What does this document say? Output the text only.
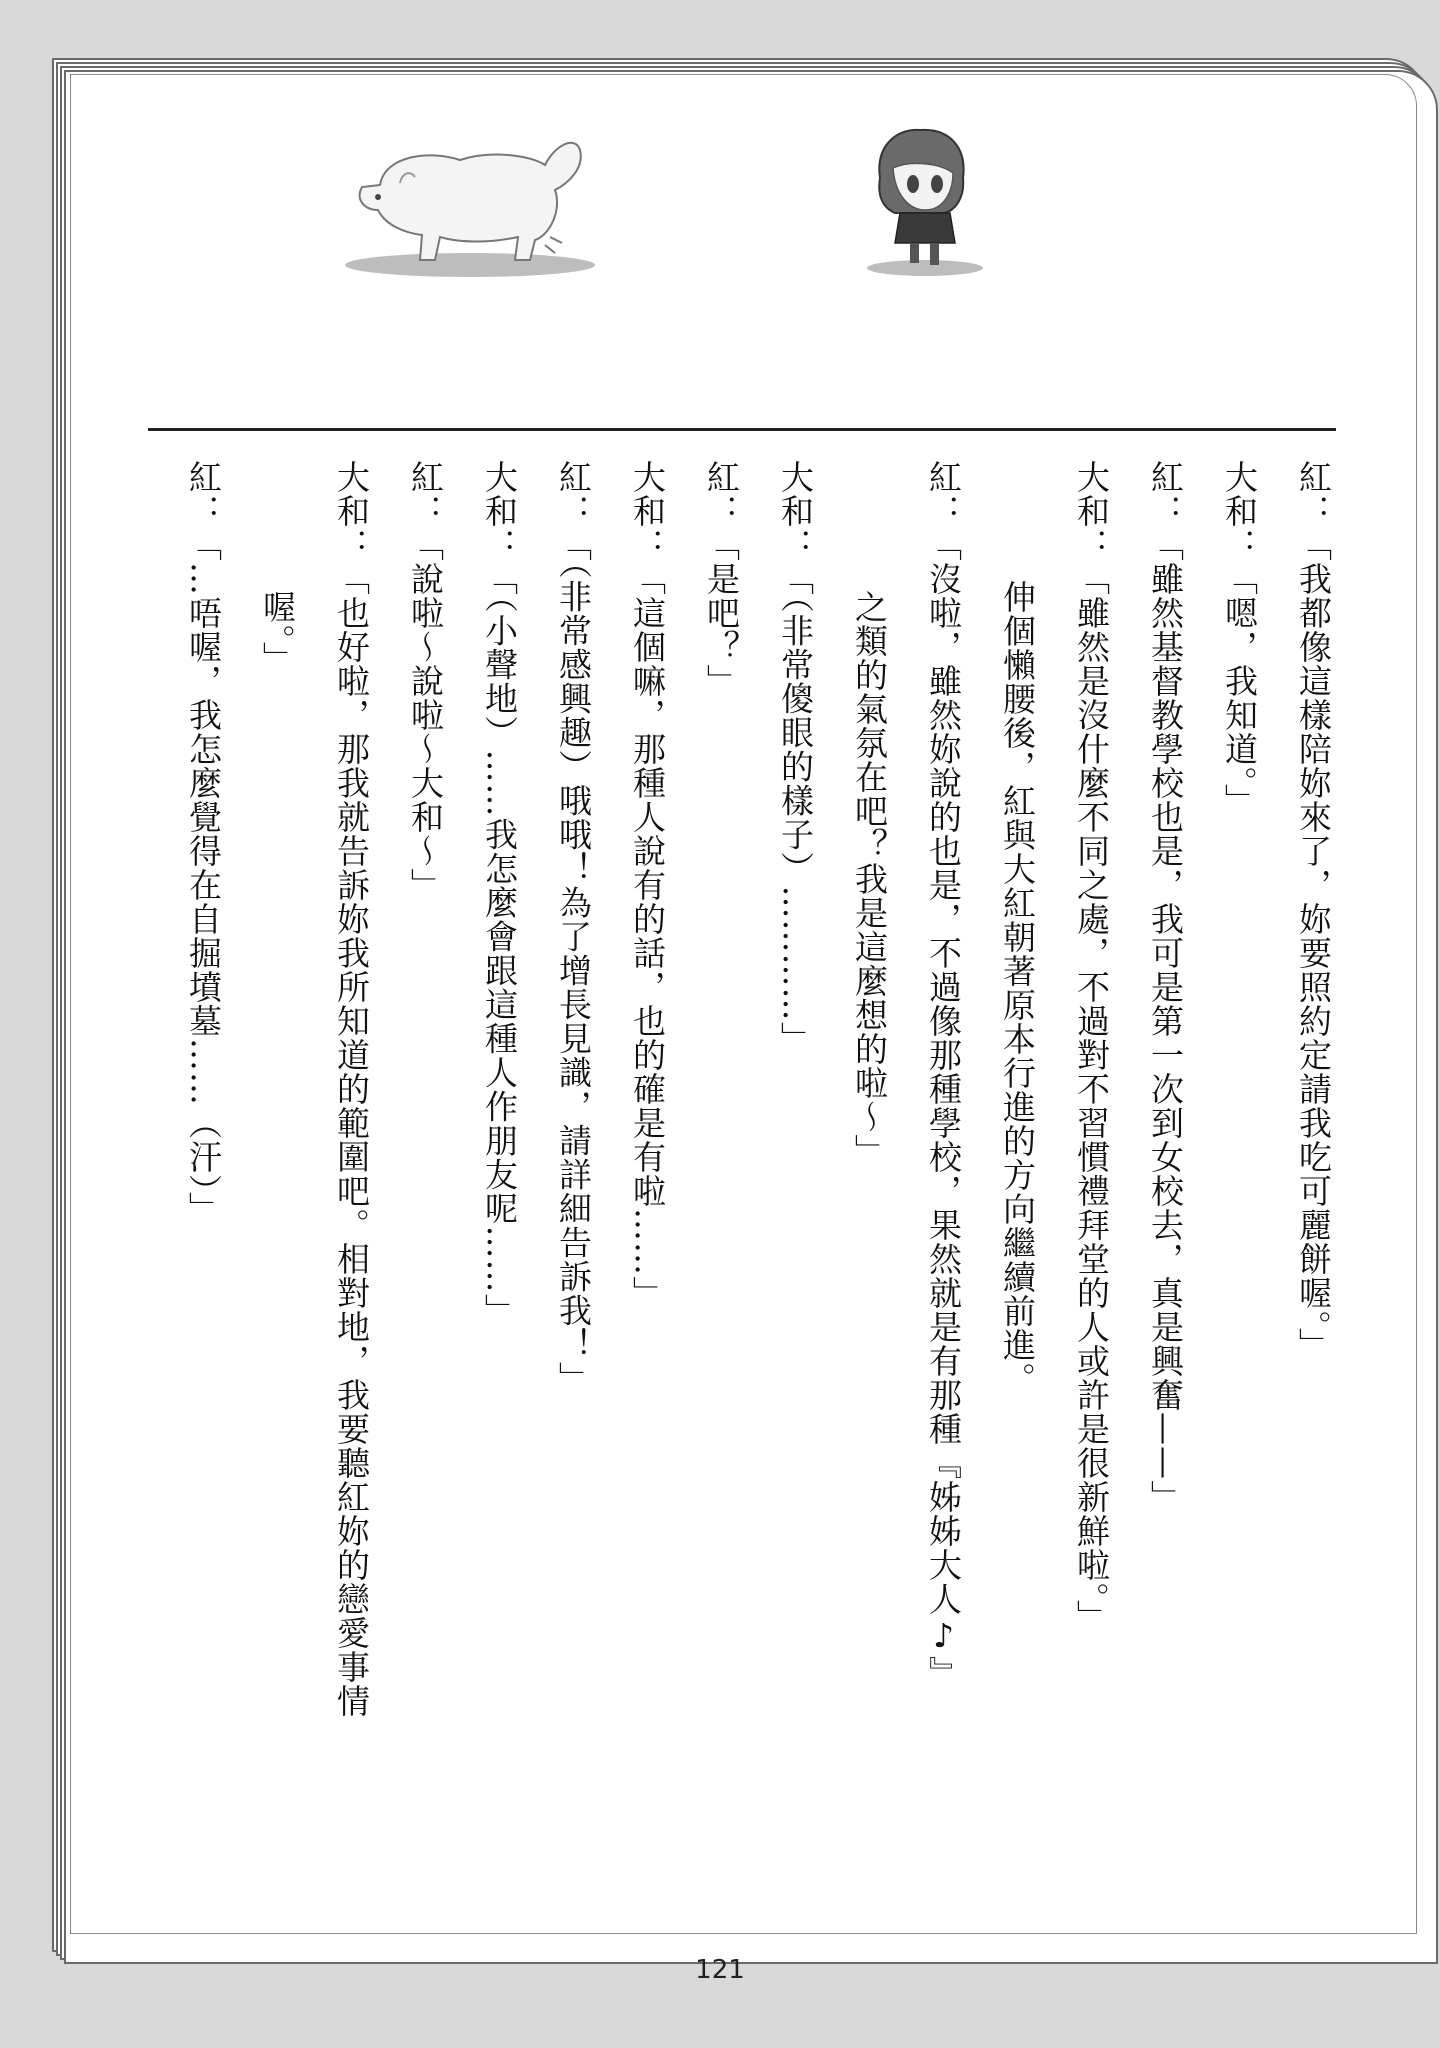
紅：「我都像這樣陪妳來了，妳要照約定請我吃可麗餅喔。」
大和：「嗯，我知道。」
紅：「雖然基督教學校也是，我可是第一次到女校去，真是興奮——」
大和：「雖然是沒什麼不同之處，不過對不習慣禮拜堂的人或許是很新鮮啦。」
伸個懶腰後，紅與大紅朝著原本行進的方向繼續前進。
紅：「沒啦，雖然妳說的也是，不過像那種學校，果然就是有那種『姊姊大人♪』
之類的氣氛在吧？我是這麼想的啦～」
大和：「（非常傻眼的樣子）…………」
紅：「是吧？」
大和：「這個嘛，那種人說有的話，也的確是有啦……」
紅：「（非常感興趣）哦哦！為了增長見識，請詳細告訴我！」
大和：「（小聲地）……我怎麼會跟這種人作朋友呢……」
紅：「說啦～說啦～大和～」
大和：「也好啦，那我就告訴妳我所知道的範圍吧。相對地，我要聽紅妳的戀愛事情
喔。」
紅：「…唔喔，我怎麼覺得在自掘墳墓……（汗）」
121
